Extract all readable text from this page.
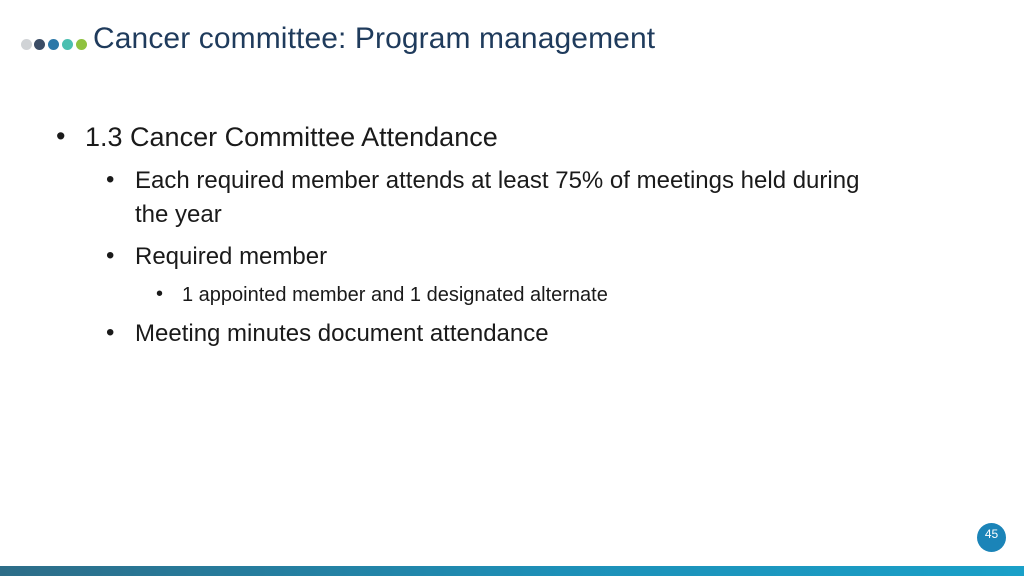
Cancer committee: Program management
• 1.3 Cancer Committee Attendance
• Each required member attends at least 75% of meetings held during
the year
• Required member
• 1 appointed member and 1 designated alternate
• Meeting minutes document attendance
45
